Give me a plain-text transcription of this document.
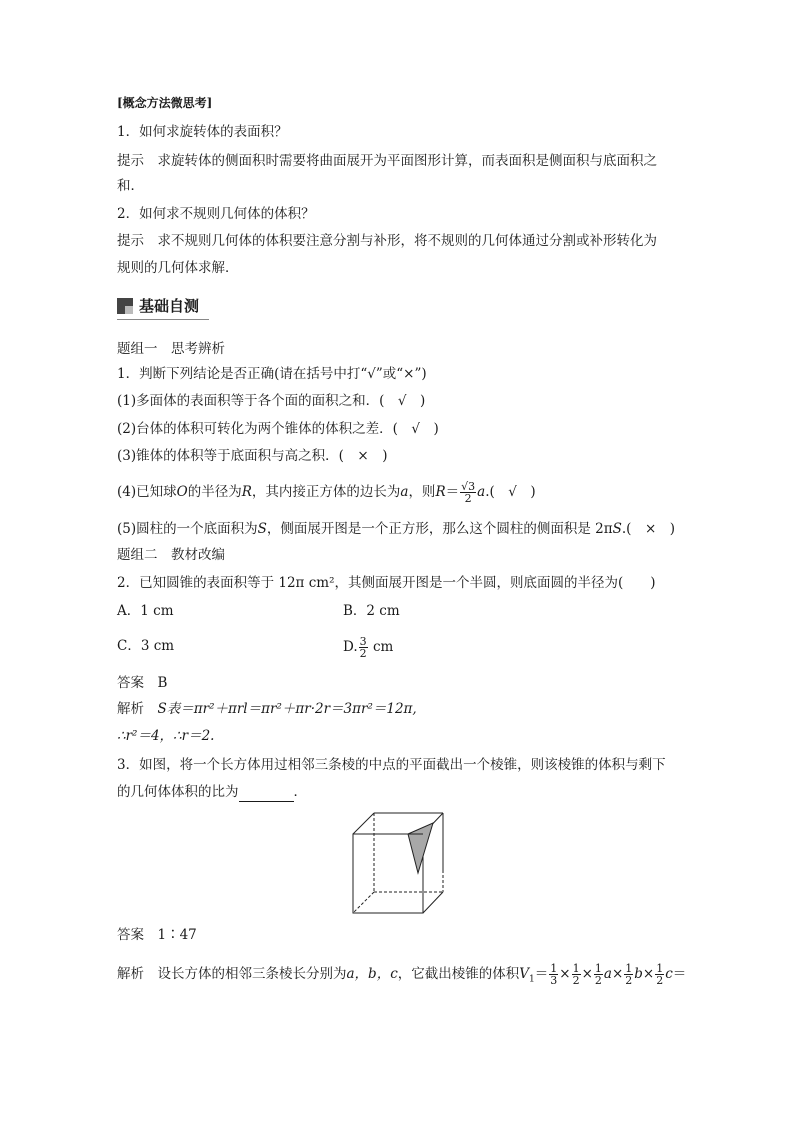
[概念方法微思考]
1．如何求旋转体的表面积？
提示　求旋转体的侧面积时需要将曲面展开为平面图形计算，而表面积是侧面积与底面积之
和．
2．如何求不规则几何体的体积？
提示　求不规则几何体的体积要注意分割与补形，将不规则的几何体通过分割或补形转化为
规则的几何体求解．
基础自测
题组一　思考辨析
1．判断下列结论是否正确(请在括号中打“√”或“×”)
(1)多面体的表面积等于各个面的面积之和．(　√　)
(2)台体的体积可转化为两个锥体的体积之差．(　√　)
(3)锥体的体积等于底面积与高之积．(　×　)
(4)已知球O的半径为R，其内接正方体的边长为a，则$R= \frac{√3}{2} a$.(　√　)
(5)圆柱的一个底面积为S，侧面展开图是一个正方形，那么这个圆柱的侧面积是 2πS.(　×　)
题组二　教材改编
2．已知圆锥的表面积等于 12π cm²，其侧面展开图是一个半圆，则底面圆的半径为(　　)
A．1 cm	B．2 cm
C．3 cm	D. $\frac{3}{2}$ cm
答案　B
解析　 S表＝πr²＋πrl＝πr²＋πr·2r＝3πr²＝12π,
∴r²＝4，∴r＝2.
3．如图，将一个长方体用过相邻三条棱的中点的平面截出一个棱锥，则该棱锥的体积与剩下
的几何体体积的比为	．
答案　1∶47
解析　设长方体的相邻三条棱长分别为a，b，c，它截出棱锥的体积$V_1= \frac{1}{3} \times \frac{1}{2} \times \frac{1}{2} a\times \frac{1}{2} b\times \frac{1}{2} c=$
